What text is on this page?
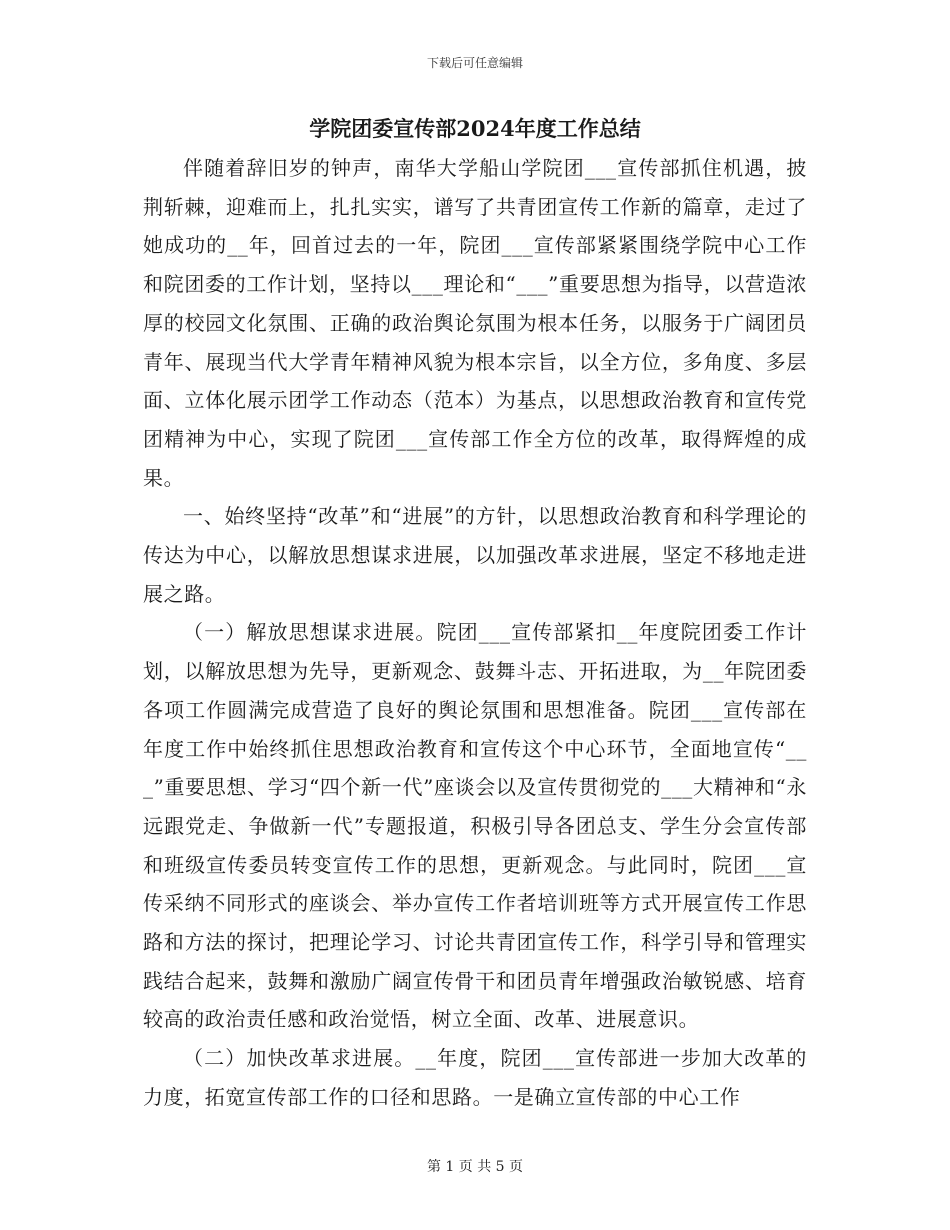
下载后可任意编辑
学院团委宣传部2024年度工作总结

伴随着辞旧岁的钟声，南华大学船山学院团___宣传部抓住机遇，披荆斩棘，迎难而上，扎扎实实，谱写了共青团宣传工作新的篇章，走过了她成功的__年，回首过去的一年，院团___宣传部紧紧围绕学院中心工作和院团委的工作计划，坚持以___理论和“___”重要思想为指导，以营造浓厚的校园文化氛围、正确的政治舆论氛围为根本任务，以服务于广阔团员青年、展现当代大学青年精神风貌为根本宗旨，以全方位，多角度、多层面、立体化展示团学工作动态（范本）为基点，以思想政治教育和宣传党团精神为中心，实现了院团___宣传部工作全方位的改革，取得辉煌的成果。

一、始终坚持“改革”和“进展”的方针，以思想政治教育和科学理论的传达为中心，以解放思想谋求进展，以加强改革求进展，坚定不移地走进展之路。

（一）解放思想谋求进展。院团___宣传部紧扣__年度院团委工作计划，以解放思想为先导，更新观念、鼓舞斗志、开拓进取，为__年院团委各项工作圆满完成营造了良好的舆论氛围和思想准备。院团___宣传部在年度工作中始终抓住思想政治教育和宣传这个中心环节，全面地宣传“___”重要思想、学习“四个新一代”座谈会以及宣传贯彻党的___大精神和“永远跟党走、争做新一代”专题报道，积极引导各团总支、学生分会宣传部和班级宣传委员转变宣传工作的思想，更新观念。与此同时，院团___宣传采纳不同形式的座谈会、举办宣传工作者培训班等方式开展宣传工作思路和方法的探讨，把理论学习、讨论共青团宣传工作，科学引导和管理实践结合起来，鼓舞和激励广阔宣传骨干和团员青年增强政治敏锐感、培育较高的政治责任感和政治觉悟，树立全面、改革、进展意识。

（二）加快改革求进展。__年度，院团___宣传部进一步加大改革的力度，拓宽宣传部工作的口径和思路。一是确立宣传部的中心工作

第 1 页 共 5 页
